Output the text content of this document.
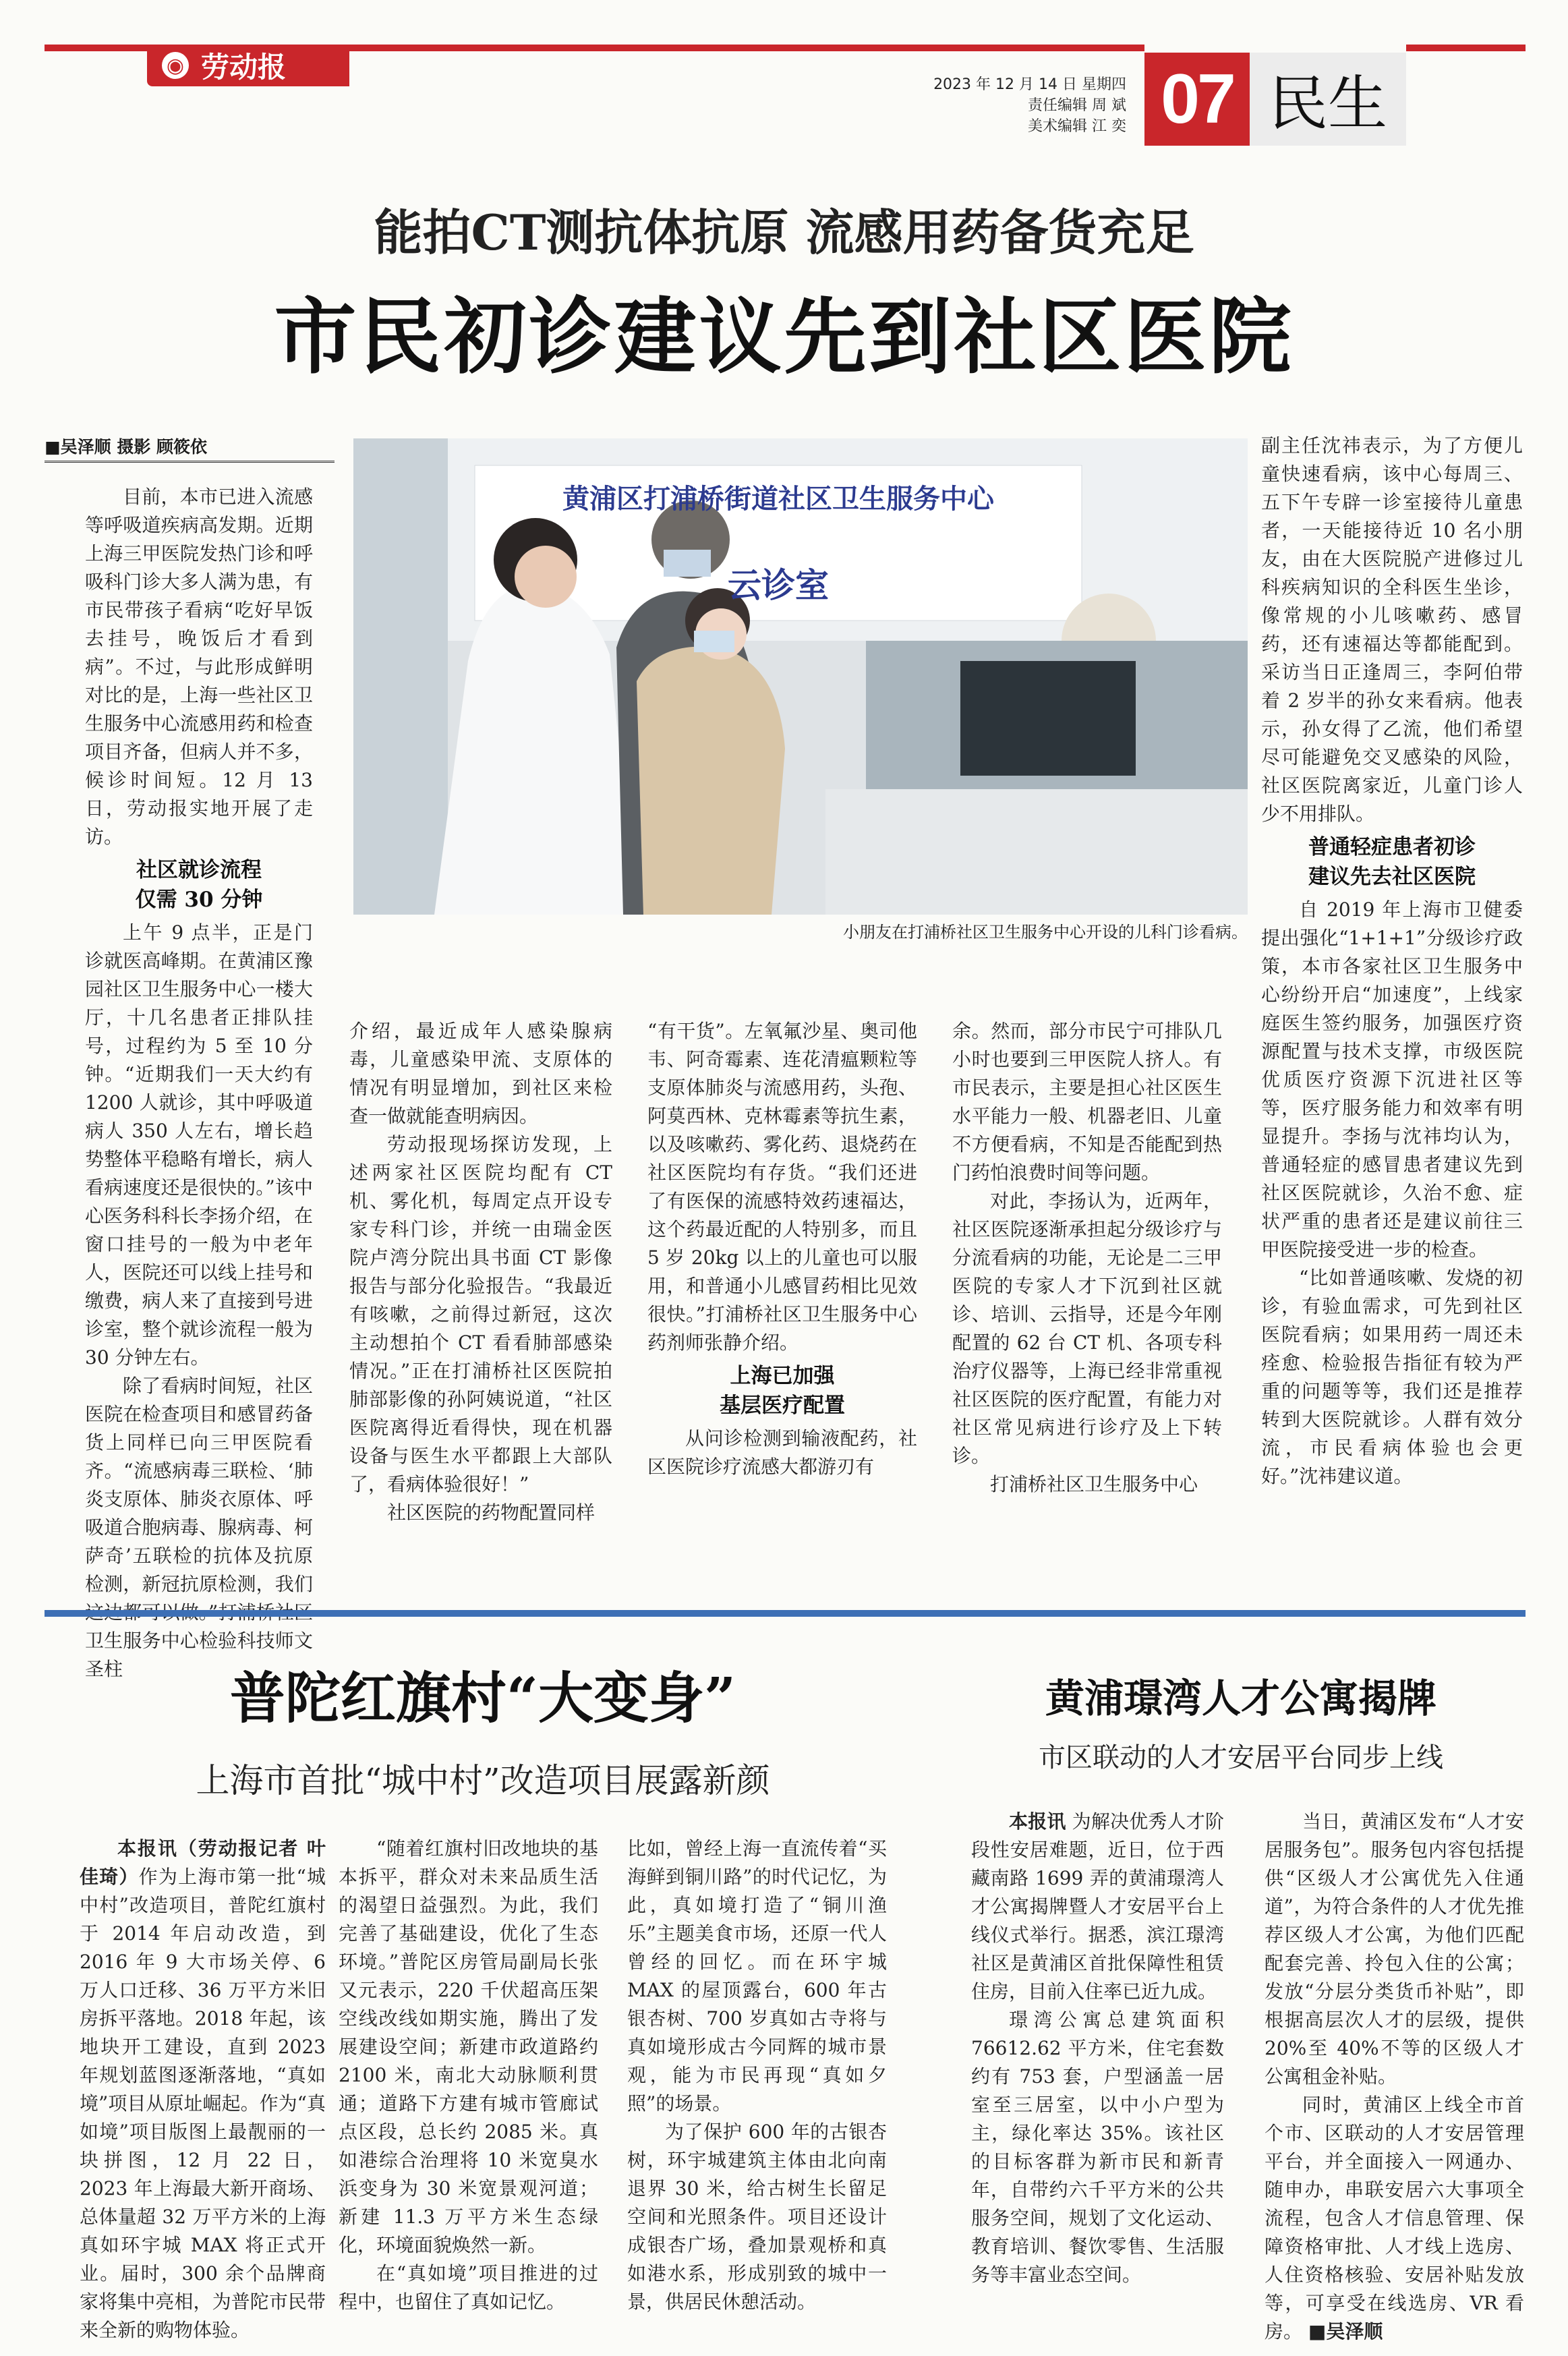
◉ 劳动报
2023 年 12 月 14 日 星期四
责任编辑 周 斌
美术编辑 江 奕 07 民生
能拍CT测抗体抗原 流感用药备货充足
市民初诊建议先到社区医院
■吴泽顺 摄影 顾筱依

目前，本市已进入流感等呼吸道疾病高发期。近期上海三甲医院发热门诊和呼吸科门诊大多人满为患，有市民带孩子看病“吃好早饭去挂号，晚饭后才看到病”。不过，与此形成鲜明对比的是，上海一些社区卫生服务中心流感用药和检查项目齐备，但病人并不多，候诊时间短。12 月 13 日，劳动报实地开展了走访。

社区就诊流程
仅需 30 分钟

上午 9 点半，正是门诊就医高峰期。在黄浦区豫园社区卫生服务中心一楼大厅，十几名患者正排队挂号，过程约为 5 至 10 分钟。“近期我们一天大约有 1200 人就诊，其中呼吸道病人 350 人左右，增长趋势整体平稳略有增长，病人看病速度还是很快的。”该中心医务科科长李扬介绍，在窗口挂号的一般为中老年人，医院还可以线上挂号和缴费，病人来了直接到号进诊室，整个就诊流程一般为 30 分钟左右。

除了看病时间短，社区医院在检查项目和感冒药备货上同样已向三甲医院看齐。“流感病毒三联检、‘肺炎支原体、肺炎衣原体、呼吸道合胞病毒、腺病毒、柯萨奇’五联检的抗体及抗原检测，新冠抗原检测，我们 卫生服务中心检验科技师文圣柱

黄浦区打浦桥街道社区卫生服务中心
云诊室
小朋友在打浦桥社区卫生服务中心开设的儿科门诊看病。
介绍，最近成年人感染腺病毒，儿童感染甲流、支原体的情况有明显增加，到社区来检查一做就能查明病因。

劳动报现场探访发现，上述两家社区医院均配有 CT 机、雾化机，每周定点开设专家专科门诊，并统一由瑞金医院卢湾分院出具书面 CT 影像报告与部分化验报告。“我最近有咳嗽，之前得过新冠，这次主动想拍个 CT 看看肺部感染情况。”正在打浦桥社区医院拍肺部影像的孙阿姨说道，“社区医院离得近看得快，现在机器设备与医生水平都跟上大部队了，看病体验很好！”

社区医院的药物配置同样

“有干货”。左氧氟沙星、奥司他韦、阿奇霉素、连花清瘟颗粒等支原体肺炎与流感用药，头孢、阿莫西林、克林霉素等抗生素，以及咳嗽药、雾化药、退烧药在社区医院均有存货。“我们还进了有医保的流感特效药速福达，这个药最近配的人特别多，而且 5 岁 20kg 以上的儿童也可以服用，和普通小儿感冒药相比见效很快。”打浦桥社区卫生服务中心药剂师张静介绍。
上海已加强
基层医疗配置

从问诊检测到输液配药，社区医院诊疗流感大都游刃有

余。然而，部分市民宁可排队几小时也要到三甲医院人挤人。有市民表示，主要是担心社区医生水平能力一般、机器老旧、儿童不方便看病，不知是否能配到热门药怕浪费时间等问题。

对此，李扬认为，近两年，社区医院逐渐承担起分级诊疗与分流看病的功能，无论是二三甲医院的专家人才下沉到社区就诊、培训、云指导，还是今年刚配置的 62 台 CT 机、各项专科治疗仪器等，上海已经非常重视社区医院的医疗配置，有能力对社区常见病进行诊疗及上下转诊。

打浦桥社区卫生服务中心

副主任沈祎表示，为了方便儿童快速看病，该中心每周三、五下午专辟一诊室接待儿童患者，一天能接待近 10 名小朋友，由在大医院脱产进修过儿科疾病知识的全科医生坐诊，像常规的小儿咳嗽药、感冒药，还有速福达等都能配到。采访当日正逢周三，李阿伯带着 2 岁半的孙女来看病。他表示，孙女得了乙流，他们希望尽可能避免交叉感染的风险，社区医院离家近，儿童门诊人少不用排队。
普通轻症患者初诊
建议先去社区医院

自 2019 年上海市卫健委提出强化“1+1+1”分级诊疗政策，本市各家社区卫生服务中心纷纷开启“加速度”，上线家庭医生签约服务，加强医疗资源配置与技术支撑，市级医院优质医疗资源下沉进社区等等，医疗服务能力和效率有明显提升。李扬与沈祎均认为，普通轻症的感冒患者建议先到社区医院就诊，久治不愈、症状严重的患者还是建议前往三甲医院接受进一步的检查。

“比如普通咳嗽、发烧的初诊，有验血需求，可先到社区医院看病；如果用药一周还未痊愈、检验报告指征有较为严重的问题等等，我们还是推荐转到大医院就诊。人群有效分流，市民看病体验也会更好。”沈祎建议道。

普陀红旗村“大变身”
上海市首批“城中村”改造项目展露新颜

本报讯（劳动报记者 叶佳琦）作为上海市第一批“城中村”改造项目，普陀红旗村于 2014 年启动改造，到 2016 年 9 大市场关停、6 万人口迁移、36 万平方米旧房拆平落地。2018 年起，该地块开工建设，直到 2023 年规划蓝图逐渐落地，“真如境”项目从原址崛起。作为“真如境”项目版图上最靓丽的一块拼图，12 月 22 日，2023 年上海最大新开商场、总体量超 32 万平方米的上海真如环宇城 MAX 将正式开业。届时，300 余个品牌商家将集中亮相，为普陀市民带来全新的购物体验。

“随着红旗村旧改地块的基本拆平，群众对未来品质生活的渴望日益强烈。为此，我们完善了基础建设，优化了生态环境。”普陀区房管局副局长张又元表示，220 千伏超高压架空线改线如期实施，腾出了发展建设空间；新建市政道路约 2100 米，南北大动脉顺利贯通；道路下方建有城市管廊试点区段，总长约 2085 米。真如港综合治理将 10 米宽臭水浜变身为 30 米宽景观河道；新建 11.3 万平方米生态绿化，环境面貌焕然一新。

在“真如境”项目推进的过程中，也留住了真如记忆。

比如，曾经上海一直流传着“买海鲜到铜川路”的时代记忆，为此，真如境打造了“铜川渔乐”主题美食市场，还原一代人曾经的回忆。而在环宇城 MAX 的屋顶露台，600 年古银杏树、700 岁真如古寺将与真如境形成古今同辉的城市景观，能为市民再现“真如夕照”的场景。

为了保护 600 年的古银杏树，环宇城建筑主体由北向南退界 30 米，给古树生长留足空间和光照条件。项目还设计成银杏广场，叠加景观桥和真如港水系，形成别致的城中一景，供居民休憩活动。

黄浦璟湾人才公寓揭牌
市区联动的人才安居平台同步上线

本报讯 为解决优秀人才阶段性安居难题，近日，位于西藏南路 1699 弄的黄浦璟湾人才公寓揭牌暨人才安居平台上线仪式举行。据悉，滨江璟湾社区是黄浦区首批保障性租赁住房，目前入住率已近九成。

璟湾公寓总建筑面积 76612.62 平方米，住宅套数约有 753 套，户型涵盖一居室至三居室，以中小户型为主，绿化率达 35%。该社区的目标客群为新市民和新青年，自带约六千平方米的公共服务空间，规划了文化运动、教育培训、餐饮零售、生活服务等丰富业态空间。

当日，黄浦区发布“人才安居服务包”。服务包内容包括提供“区级人才公寓优先入住通道”，为符合条件的人才优先推荐区级人才公寓，为他们匹配配套完善、拎包入住的公寓；发放“分层分类货币补贴”，即根据高层次人才的层级，提供 20%至 40%不等的区级人才公寓租金补贴。

同时，黄浦区上线全市首个市、区联动的人才安居管理平台，并全面接入一网通办、随申办，串联安居六大事项全流程，包含人才信息管理、保障资格审批、人才线上选房、人住资格核验、安居补贴发放等，可享受在线选房、VR 看房。 ■吴泽顺
